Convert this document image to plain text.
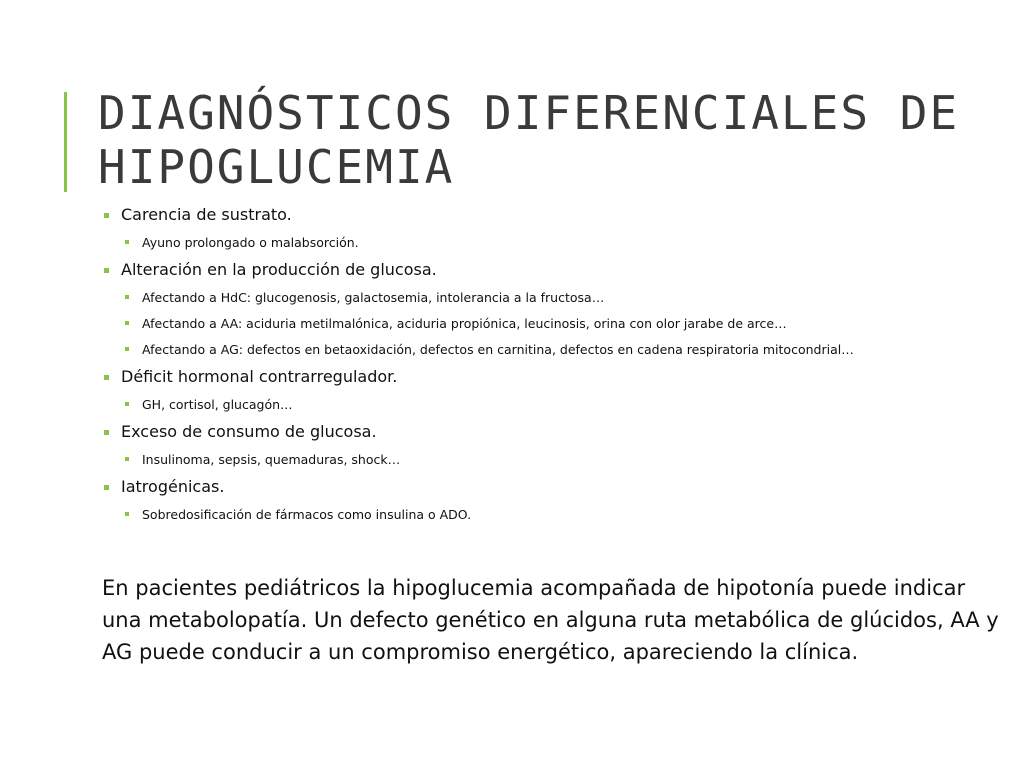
DIAGNÓSTICOS DIFERENCIALES DE HIPOGLUCEMIA
Carencia de sustrato.
Ayuno prolongado o malabsorción.
Alteración en la producción de glucosa.
Afectando a HdC: glucogenosis, galactosemia, intolerancia a la fructosa…
Afectando a AA: aciduria metilmalónica, aciduria propiónica, leucinosis, orina con olor jarabe de arce…
Afectando a AG: defectos en betaoxidación, defectos en carnitina, defectos en cadena respiratoria mitocondrial…
Déficit hormonal contrarregulador.
GH, cortisol, glucagón…
Exceso de consumo de glucosa.
Insulinoma, sepsis, quemaduras, shock…
Iatrogénicas.
Sobredosificación de fármacos como insulina o ADO.

En pacientes pediátricos la hipoglucemia acompañada de hipotonía puede indicar una metabolopatía. Un defecto genético en alguna ruta metabólica de glúcidos, AA y AG puede conducir a un compromiso energético, apareciendo la clínica.
